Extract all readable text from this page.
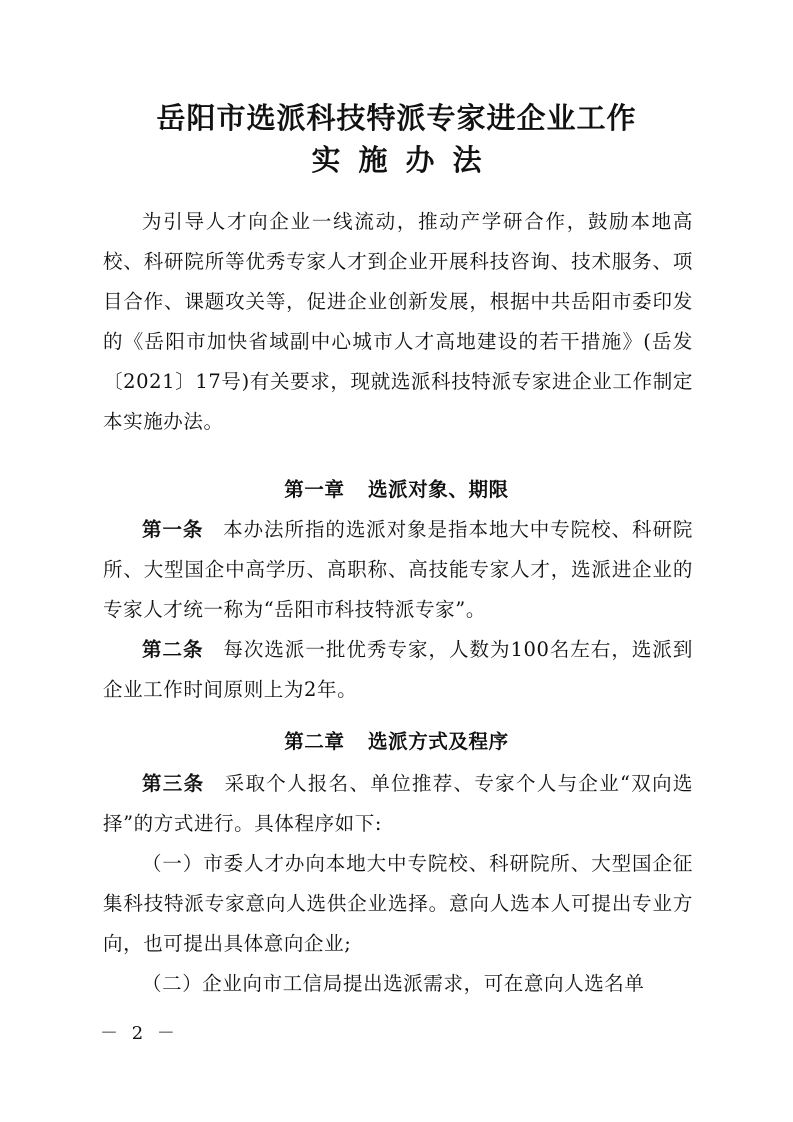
岳阳市选派科技特派专家进企业工作
实施办法

为引导人才向企业一线流动，推动产学研合作，鼓励本地高校、科研院所等优秀专家人才到企业开展科技咨询、技术服务、项目合作、课题攻关等，促进企业创新发展，根据中共岳阳市委印发的《岳阳市加快省域副中心城市人才高地建设的若干措施》(岳发〔2021〕17号)有关要求，现就选派科技特派专家进企业工作制定本实施办法。

第一章 选派对象、期限

第一条 本办法所指的选派对象是指本地大中专院校、科研院所、大型国企中高学历、高职称、高技能专家人才，选派进企业的专家人才统一称为“岳阳市科技特派专家”。

第二条 每次选派一批优秀专家，人数为100名左右，选派到企业工作时间原则上为2年。

第二章 选派方式及程序

第三条 采取个人报名、单位推荐、专家个人与企业“双向选择”的方式进行。具体程序如下:

（一）市委人才办向本地大中专院校、科研院所、大型国企征集科技特派专家意向人选供企业选择。意向人选本人可提出专业方向，也可提出具体意向企业;

（二）企业向市工信局提出选派需求，可在意向人选名单

－ 2 －
